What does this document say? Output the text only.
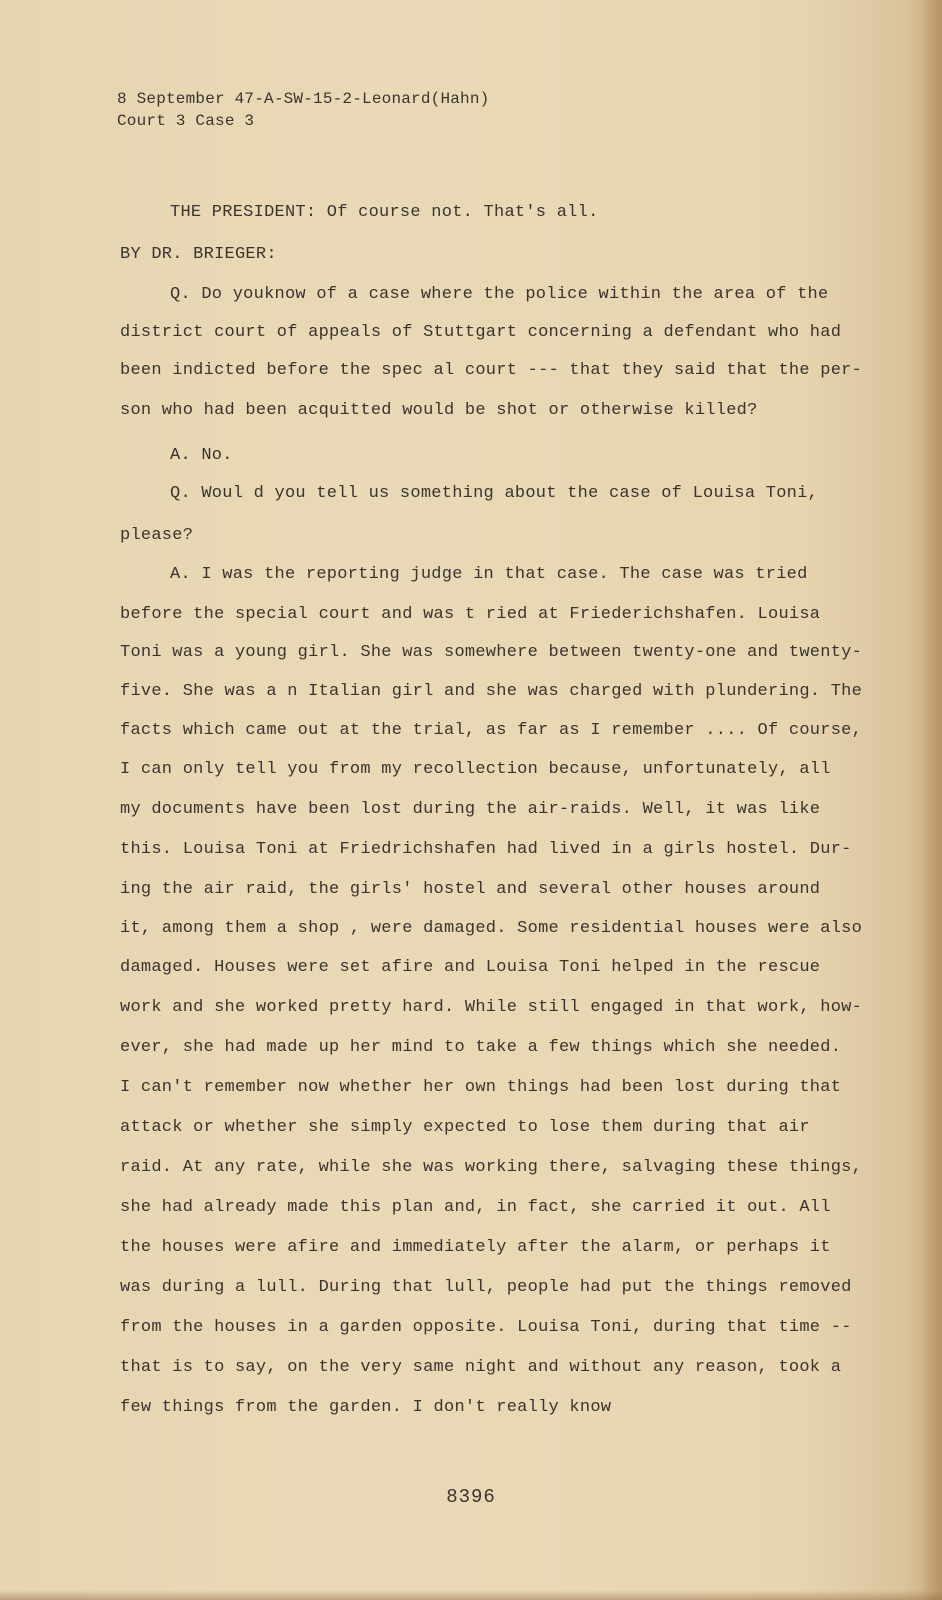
8 September 47-A-SW-15-2-Leonard(Hahn)
Court 3 Case 3
THE PRESIDENT: Of course not. That's all.
BY DR. BRIEGER:
Q. Do youknow of a case where the police within the area of the
district court of appeals of Stuttgart concerning a defendant who had
been indicted before the spec al court --- that they said that the per-
son who had been acquitted would be shot or otherwise killed?
A. No.
Q. Woul d you tell us something about the case of Louisa Toni,
please?
A. I was the reporting judge in that case. The case was tried
before the special court and was t ried at Friederichshafen. Louisa
Toni was a young girl. She was somewhere between twenty-one and twenty-
five. She was a n Italian girl and she was charged with plundering. The
facts which came out at the trial, as far as I remember .... Of course,
I can only tell you from my recollection because, unfortunately, all
my documents have been lost during the air-raids. Well, it was like
this. Louisa Toni at Friedrichshafen had lived in a girls hostel. Dur-
ing the air raid, the girls' hostel and several other houses around
it, among them a shop , were damaged. Some residential houses were also
damaged. Houses were set afire and Louisa Toni helped in the rescue
work and she worked pretty hard. While still engaged in that work, how-
ever, she had made up her mind to take a few things which she needed.
I can't remember now whether her own things had been lost during that
attack or whether she simply expected to lose them during that air
raid. At any rate, while she was working there, salvaging these things,
she had already made this plan and, in fact, she carried it out. All
the houses were afire and immediately after the alarm, or perhaps it
was during a lull. During that lull, people had put the things removed
from the houses in a garden opposite. Louisa Toni, during that time --
that is to say, on the very same night and without any reason, took a
few things from the garden. I don't really know
8396
